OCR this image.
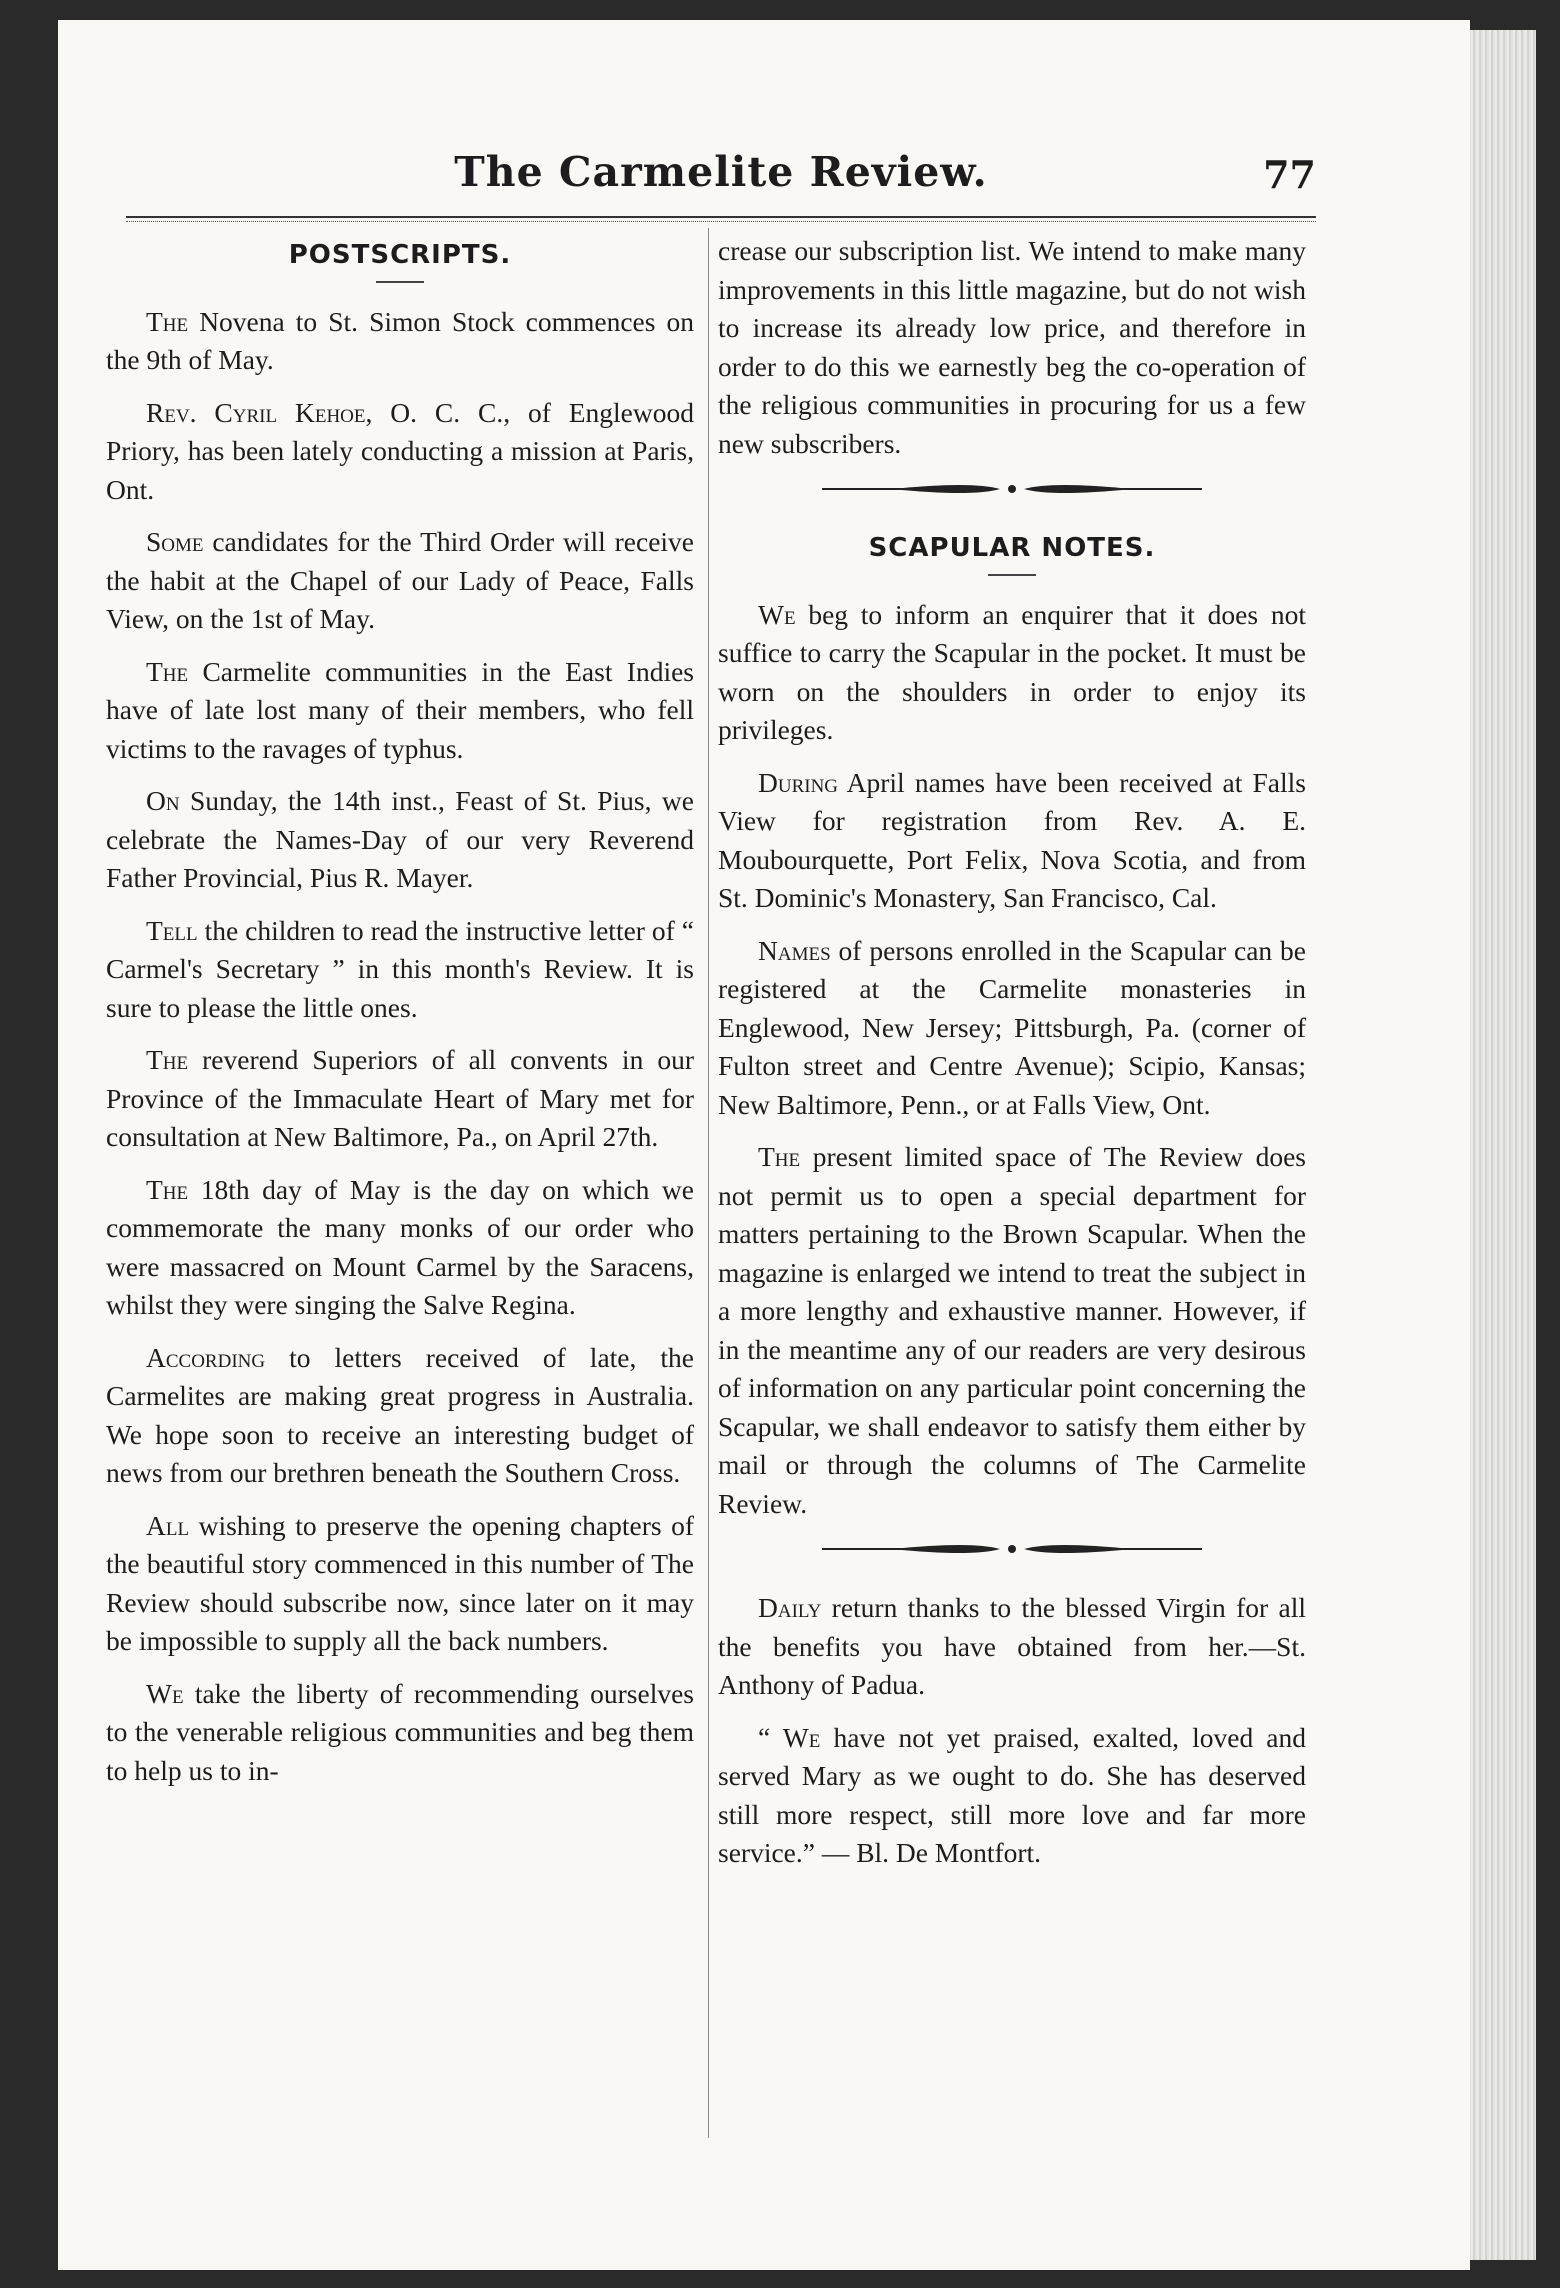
The Carmelite Review.	77
POSTSCRIPTS.

The Novena to St. Simon Stock commences on the 9th of May.

Rev. Cyril Kehoe, O. C. C., of Englewood Priory, has been lately conducting a mission at Paris, Ont.

Some candidates for the Third Order will receive the habit at the Chapel of our Lady of Peace, Falls View, on the 1st of May.

The Carmelite communities in the East Indies have of late lost many of their members, who fell victims to the ravages of typhus.

On Sunday, the 14th inst., Feast of St. Pius, we celebrate the Names-Day of our very Reverend Father Provincial, Pius R. Mayer.

Tell the children to read the instructive letter of “ Carmel's Secretary ” in this month's Review. It is sure to please the little ones.

The reverend Superiors of all convents in our Province of the Immaculate Heart of Mary met for consultation at New Baltimore, Pa., on April 27th.

The 18th day of May is the day on which we commemorate the many monks of our order who were massacred on Mount Carmel by the Saracens, whilst they were singing the Salve Regina.

According to letters received of late, the Carmelites are making great progress in Australia. We hope soon to receive an interesting budget of news from our brethren beneath the Southern Cross.

All wishing to preserve the opening chapters of the beautiful story commenced in this number of The Review should subscribe now, since later on it may be impossible to supply all the back numbers.

We take the liberty of recommending ourselves to the venerable religious communities and beg them to help us to in-

crease our subscription list. We intend to make many improvements in this little magazine, but do not wish to increase its already low price, and therefore in order to do this we earnestly beg the co-operation of the religious communities in procuring for us a few new subscribers.

SCAPULAR NOTES.

We beg to inform an enquirer that it does not suffice to carry the Scapular in the pocket. It must be worn on the shoulders in order to enjoy its privileges.

During April names have been received at Falls View for registration from Rev. A. E. Moubourquette, Port Felix, Nova Scotia, and from St. Dominic's Monastery, San Francisco, Cal.

Names of persons enrolled in the Scapular can be registered at the Carmelite monasteries in Englewood, New Jersey; Pittsburgh, Pa. (corner of Fulton street and Centre Avenue); Scipio, Kansas; New Baltimore, Penn., or at Falls View, Ont.

The present limited space of The Review does not permit us to open a special department for matters pertaining to the Brown Scapular. When the magazine is enlarged we intend to treat the subject in a more lengthy and exhaustive manner. However, if in the meantime any of our readers are very desirous of information on any particular point concerning the Scapular, we shall endeavor to satisfy them either by mail or through the columns of The Carmelite Review.

Daily return thanks to the blessed Virgin for all the benefits you have obtained from her.—St. Anthony of Padua.

“ We have not yet praised, exalted, loved and served Mary as we ought to do. She has deserved still more respect, still more love and far more service.” — Bl. De Montfort.
